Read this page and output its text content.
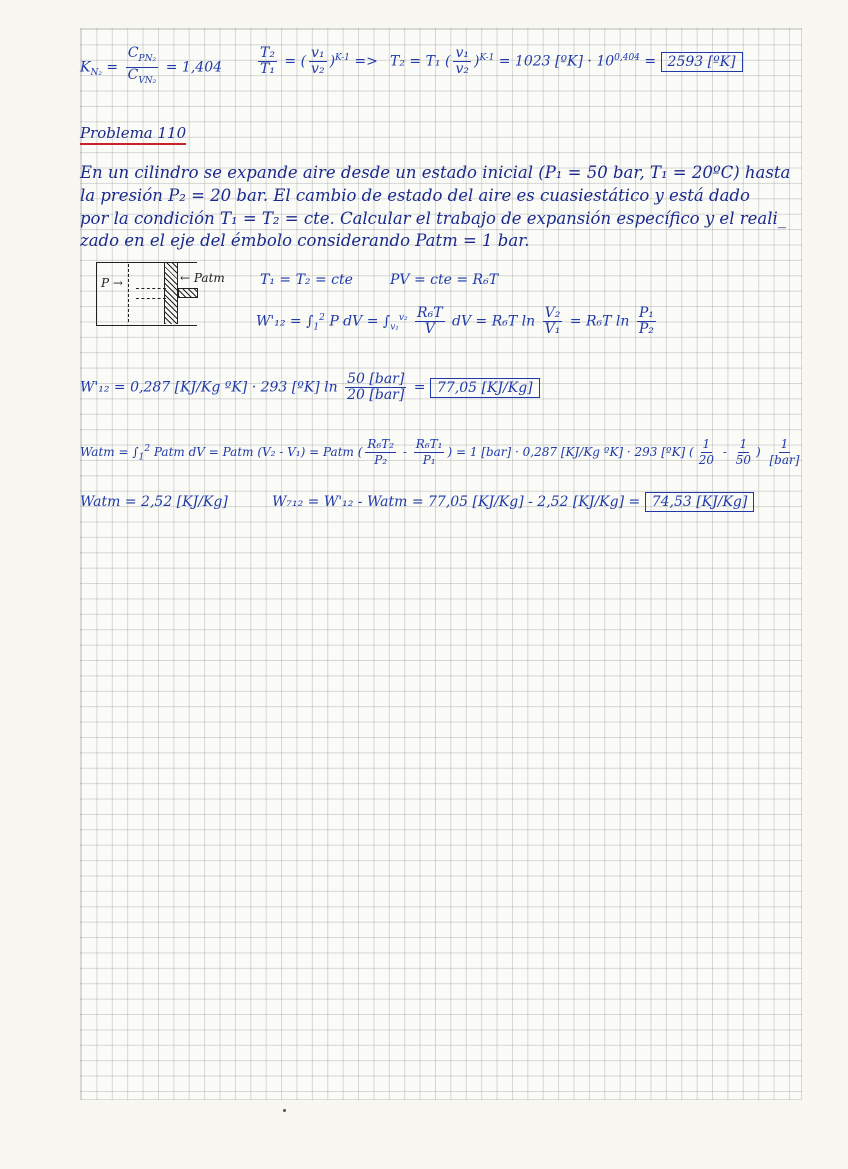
$K_{N_2} = \frac{C_{PN_2}}{C_{VN_2}} = 1,404$	$\frac{\text{T₂}}{\text{T₁}}$ = ( $\frac{\text{v₁}}{\text{v₂}} )^{K-1} => T_2 = T_1$ ( $\frac{\text{v₁}}{\text{v₂}} )^{K-1} = 1023$ [ºK] · $10^{0,404} = 2593$ [ºK]
Problema 110
En un cilindro se expande aire desde un estado inicial (P₁ = 50 bar, T₁ = 20ºC) hasta
la presión P₂ = 20 bar. El cambio de estado del aire es cuasiestático y está dado
por la condición T₁ = T₂ = cte. Calcular el trabajo de expansión específico y el reali_
zado en el eje del émbolo considerando Patm = 1 bar.
P →	← Patm	T₁ = T₂ = cte	PV = cte = R₆T
$W'_{12} = \int_1^2$ P dV = $\int_{v_1}^{v_2} \frac{\text{R₆T}}{V}$ dV = R₆T $\ln \frac{\text{V₂}}{\text{V₁}} = R_6T$ $\ln \frac{\text{P₁}}{\text{P₂}}$
W'₁₂ = 0,287 [KJ/Kg ºK] · 293 [ºK] $\ln \frac{\text{50 [bar]}}{\text{20 [bar]}} = 77,05$ [KJ/Kg]
Watm = $\int_1^2$ Patm dV = Patm (V₂ - V₁) = Patm ( $\frac{\text{R₆T₂}}{\text{P₂}} - \frac{\text{R₆T₁}}{\text{P₁}}$ ) = 1 [bar] · 0,287 [KJ/Kg ºK] · 293 [ºK] ( $\frac{1}{20} - \frac{1}{50}$ ) $\frac{1}{\text{[bar]}}$
Watm = 2,52 [KJ/Kg]	W₇₁₂ = W'₁₂ - Watm = 77,05 [KJ/Kg] - 2,52 [KJ/Kg] = 74,53 [KJ/Kg]
